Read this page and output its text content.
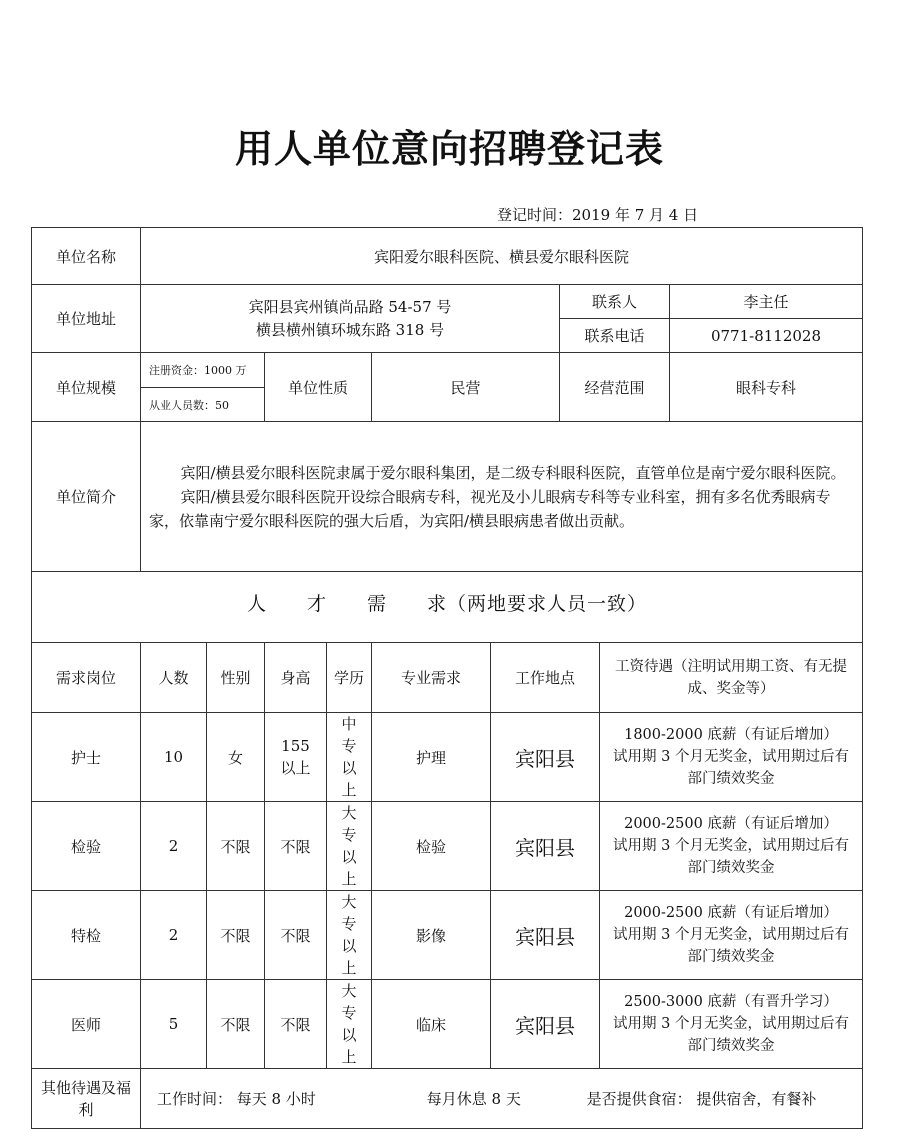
用人单位意向招聘登记表
登记时间：2019 年 7 月 4 日
单位名称	宾阳爱尔眼科医院、横县爱尔眼科医院								
单位地址	宾阳县宾州镇尚品路 54-57 号
横县横州镇环城东路 318 号						联系人		李主任
							联系电话		0771-8112028
单位规模	注册资金：1000 万		单位性质		民营		经营范围		眼科专科
	从业人员数：50								
单位简介	宾阳/横县爱尔眼科医院隶属于爱尔眼科集团，是二级专科眼科医院，直管单位是南宁爱尔眼科医院。

宾阳/横县爱尔眼科医院开设综合眼病专科，视光及小儿眼病专科等专业科室，拥有多名优秀眼病专家，依靠南宁爱尔眼科医院的强大后盾，为宾阳/横县眼病患者做出贡献。								

人　　才　　需　　求（两地要求人员一致）									
需求岗位	人数	性别	身高	学历	专业需求	工作地点		工资待遇（注明试用期工资、有无提成、奖金等）	
护士	10	女	155 以上	中专以上	护理	宾阳县		1800-2000 底薪（有证后增加）
试用期 3 个月无奖金，试用期过后有部门绩效奖金	

检验	2	不限	不限	大专以上	检验	宾阳县		2000-2500 底薪（有证后增加）
试用期 3 个月无奖金，试用期过后有部门绩效奖金	

特检	2	不限	不限	大专以上	影像	宾阳县		2000-2500 底薪（有证后增加）
试用期 3 个月无奖金，试用期过后有部门绩效奖金	

医师	5	不限	不限	大专以上	临床	宾阳县		2500-3000 底薪（有晋升学习）
试用期 3 个月无奖金，试用期过后有部门绩效奖金	

其他待遇及福利	工作时间： 每天 8 小时 每月休息 8 天 是否提供食宿： 提供宿舍，有餐补								
